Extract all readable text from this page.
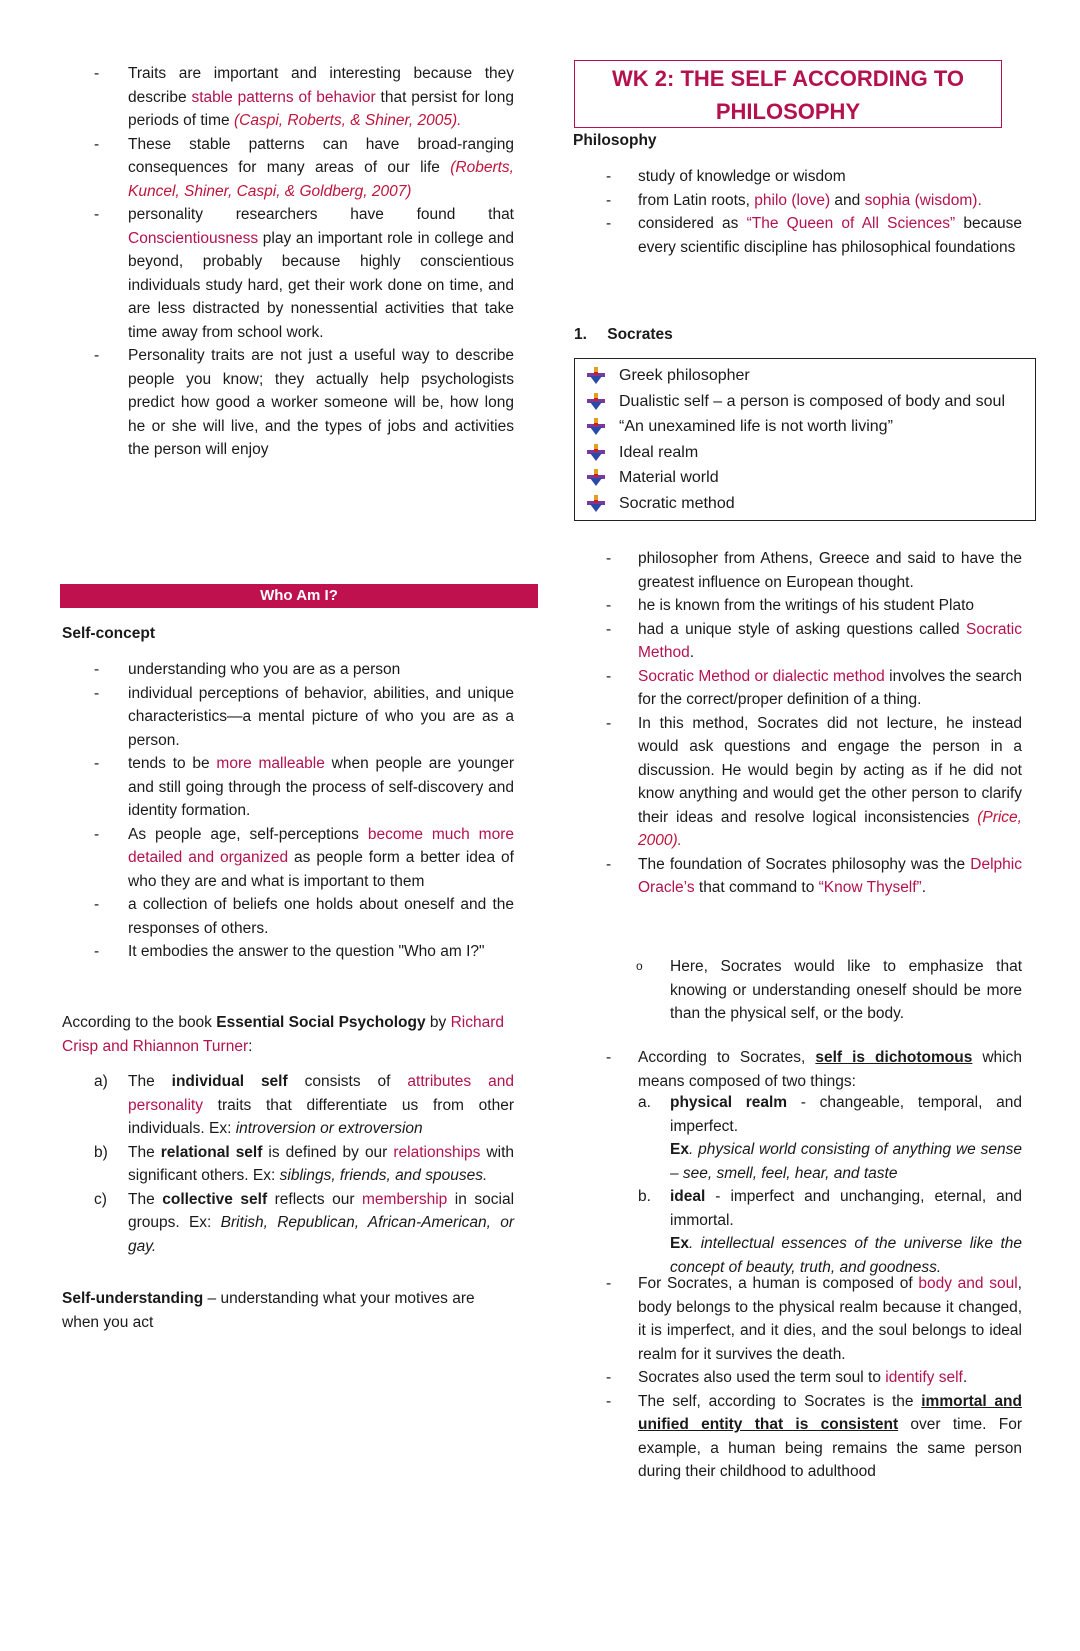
- Traits are important and interesting because they describe stable patterns of behavior that persist for long periods of time (Caspi, Roberts, & Shiner, 2005).
- These stable patterns can have broad-ranging consequences for many areas of our life (Roberts, Kuncel, Shiner, Caspi, & Goldberg, 2007)
- personality researchers have found that Conscientiousness play an important role in college and beyond, probably because highly conscientious individuals study hard, get their work done on time, and are less distracted by nonessential activities that take time away from school work.
- Personality traits are not just a useful way to describe people you know; they actually help psychologists predict how good a worker someone will be, how long he or she will live, and the types of jobs and activities the person will enjoy
Who Am I?
Self-concept
- understanding who you are as a person
- individual perceptions of behavior, abilities, and unique characteristics—a mental picture of who you are as a person.
- tends to be more malleable when people are younger and still going through the process of self-discovery and identity formation.
- As people age, self-perceptions become much more detailed and organized as people form a better idea of who they are and what is important to them
- a collection of beliefs one holds about oneself and the responses of others.
- It embodies the answer to the question "Who am I?"
According to the book Essential Social Psychology by Richard Crisp and Rhiannon Turner:
a) The individual self consists of attributes and personality traits that differentiate us from other individuals. Ex: introversion or extroversion
b) The relational self is defined by our relationships with significant others. Ex: siblings, friends, and spouses.
c) The collective self reflects our membership in social groups. Ex: British, Republican, African-American, or gay.
Self-understanding – understanding what your motives are when you act
WK 2: THE SELF ACCORDING TO
PHILOSOPHY
Philosophy
- study of knowledge or wisdom
- from Latin roots, philo (love) and sophia (wisdom).
- considered as “The Queen of All Sciences” because every scientific discipline has philosophical foundations
1. Socrates
Greek philosopher
Dualistic self – a person is composed of body and soul
“An unexamined life is not worth living”
Ideal realm
Material world
Socratic method
- philosopher from Athens, Greece and said to have the greatest influence on European thought.
- he is known from the writings of his student Plato
- had a unique style of asking questions called Socratic Method.
- Socratic Method or dialectic method involves the search for the correct/proper definition of a thing.
- In this method, Socrates did not lecture, he instead would ask questions and engage the person in a discussion. He would begin by acting as if he did not know anything and would get the other person to clarify their ideas and resolve logical inconsistencies (Price, 2000).
- The foundation of Socrates philosophy was the Delphic Oracle’s that command to “Know Thyself”.
o Here, Socrates would like to emphasize that knowing or understanding oneself should be more than the physical self, or the body.
- According to Socrates, self is dichotomous which means composed of two things:
a. physical realm - changeable, temporal, and imperfect.
Ex. physical world consisting of anything we sense – see, smell, feel, hear, and taste
b. ideal - imperfect and unchanging, eternal, and immortal.
Ex. intellectual essences of the universe like the concept of beauty, truth, and goodness.
- For Socrates, a human is composed of body and soul, body belongs to the physical realm because it changed, it is imperfect, and it dies, and the soul belongs to ideal realm for it survives the death.
- Socrates also used the term soul to identify self.
- The self, according to Socrates is the immortal and unified entity that is consistent over time. For example, a human being remains the same person during their childhood to adulthood
